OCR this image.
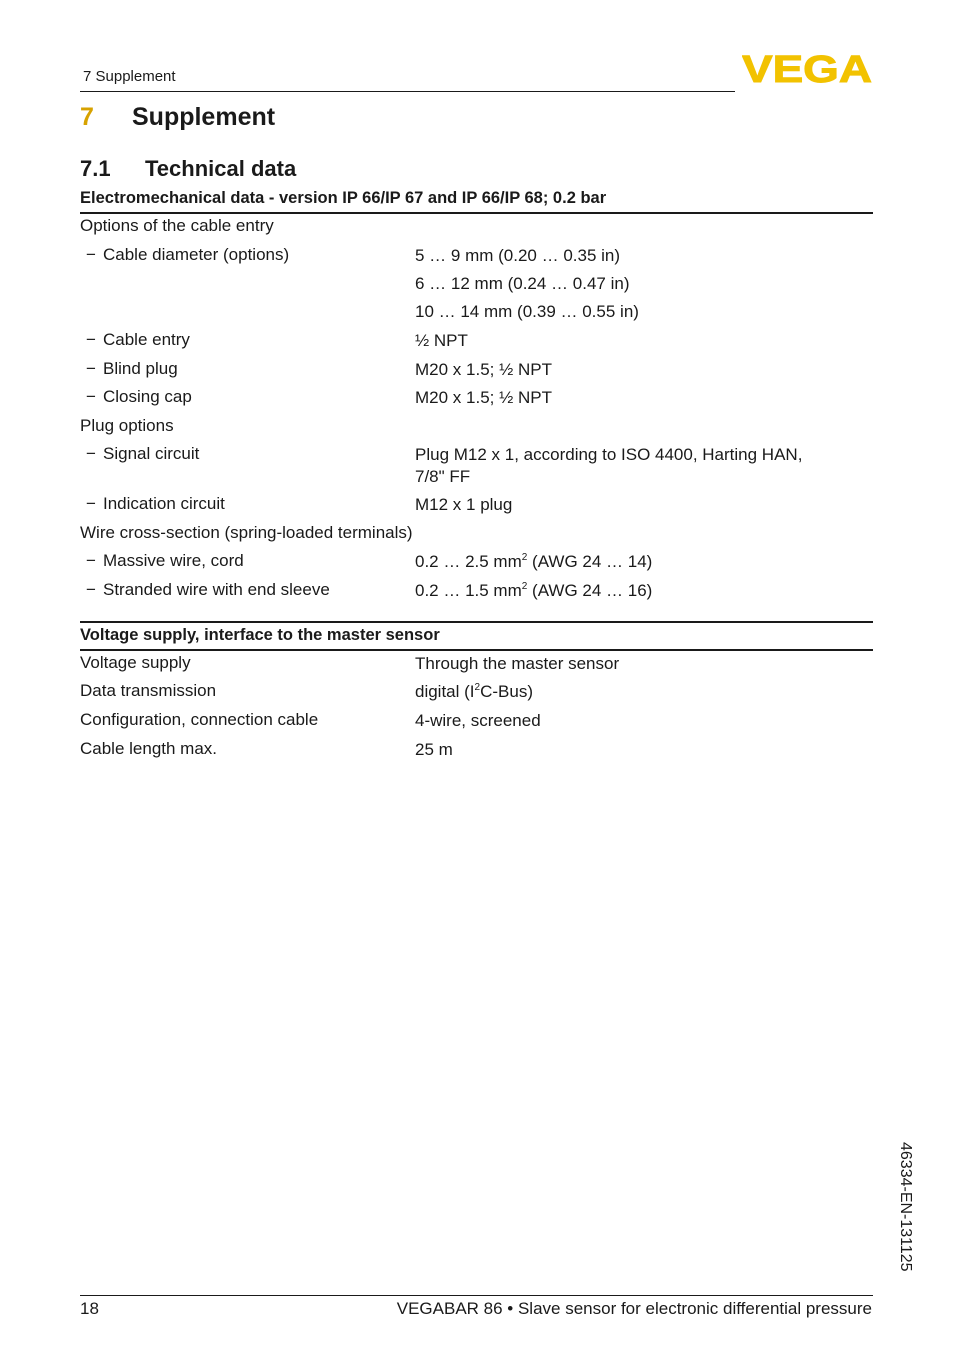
7 Supplement	VEGA
7 Supplement
7.1 Technical data
Electromechanical data - version IP 66/IP 67 and IP 66/IP 68; 0.2 bar
Options of the cable entry
− Cable diameter (options)	5 … 9 mm (0.20 … 0.35 in)
6 … 12 mm (0.24 … 0.47 in)
10 … 14 mm (0.39 … 0.55 in)
− Cable entry	½ NPT
− Blind plug	M20 x 1.5; ½ NPT
− Closing cap	M20 x 1.5; ½ NPT
Plug options
− Signal circuit	Plug M12 x 1, according to ISO 4400, Harting HAN,
7/8" FF
− Indication circuit	M12 x 1 plug
Wire cross-section (spring-loaded terminals)
− Massive wire, cord	0.2 … 2.5 $mm^2$ (AWG 24 … 14)
− Stranded wire with end sleeve	0.2 … 1.5 $mm^2$ (AWG 24 … 16)
Voltage supply, interface to the master sensor
Voltage supply	Through the master sensor
Data transmission	digital $(I^2C-Bus)$
Configuration, connection cable	4-wire, screened
Cable length max.	25 m
46334-EN-131125
18	VEGABAR 86 • Slave sensor for electronic differential pressure
